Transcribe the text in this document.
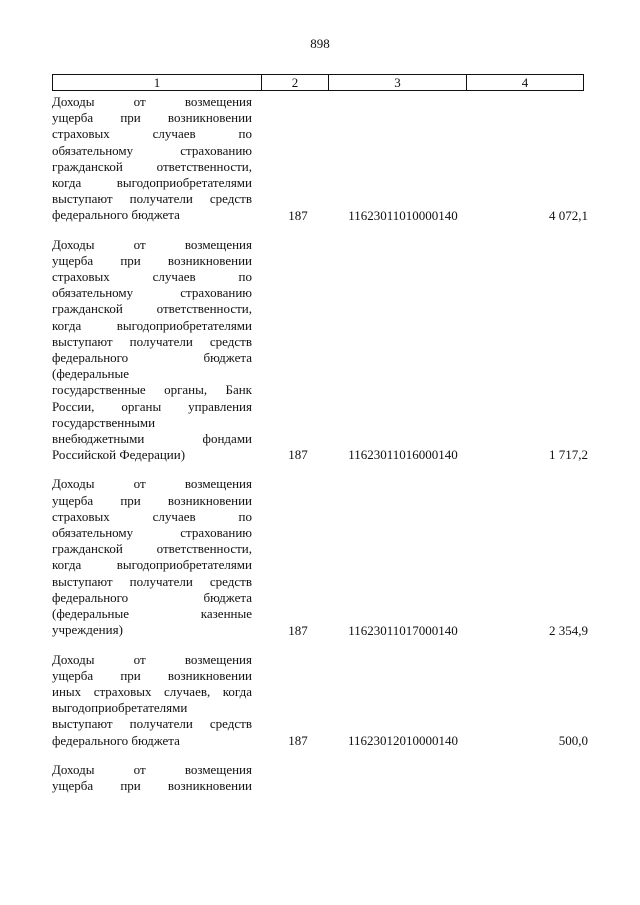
898
1	2	3	4
Доходы от возмещения
ущерба при возникновении
страховых случаев по
обязательному страхованию
гражданской ответственности,
когда выгодоприобретателями
выступают получатели средств
федерального бюджета	187	11623011010000140	4 072,1
Доходы от возмещения
ущерба при возникновении
страховых случаев по
обязательному страхованию
гражданской ответственности,
когда выгодоприобретателями
выступают получатели средств
федерального бюджета
(федеральные
государственные органы, Банк
России, органы управления
государственными
внебюджетными фондами
Российской Федерации)	187	11623011016000140	1 717,2
Доходы от возмещения
ущерба при возникновении
страховых случаев по
обязательному страхованию
гражданской ответственности,
когда выгодоприобретателями
выступают получатели средств
федерального бюджета
(федеральные казенные
учреждения)	187	11623011017000140	2 354,9
Доходы от возмещения
ущерба при возникновении
иных страховых случаев, когда
выгодоприобретателями
выступают получатели средств
федерального бюджета	187	11623012010000140	500,0
Доходы от возмещения
ущерба при возникновении
